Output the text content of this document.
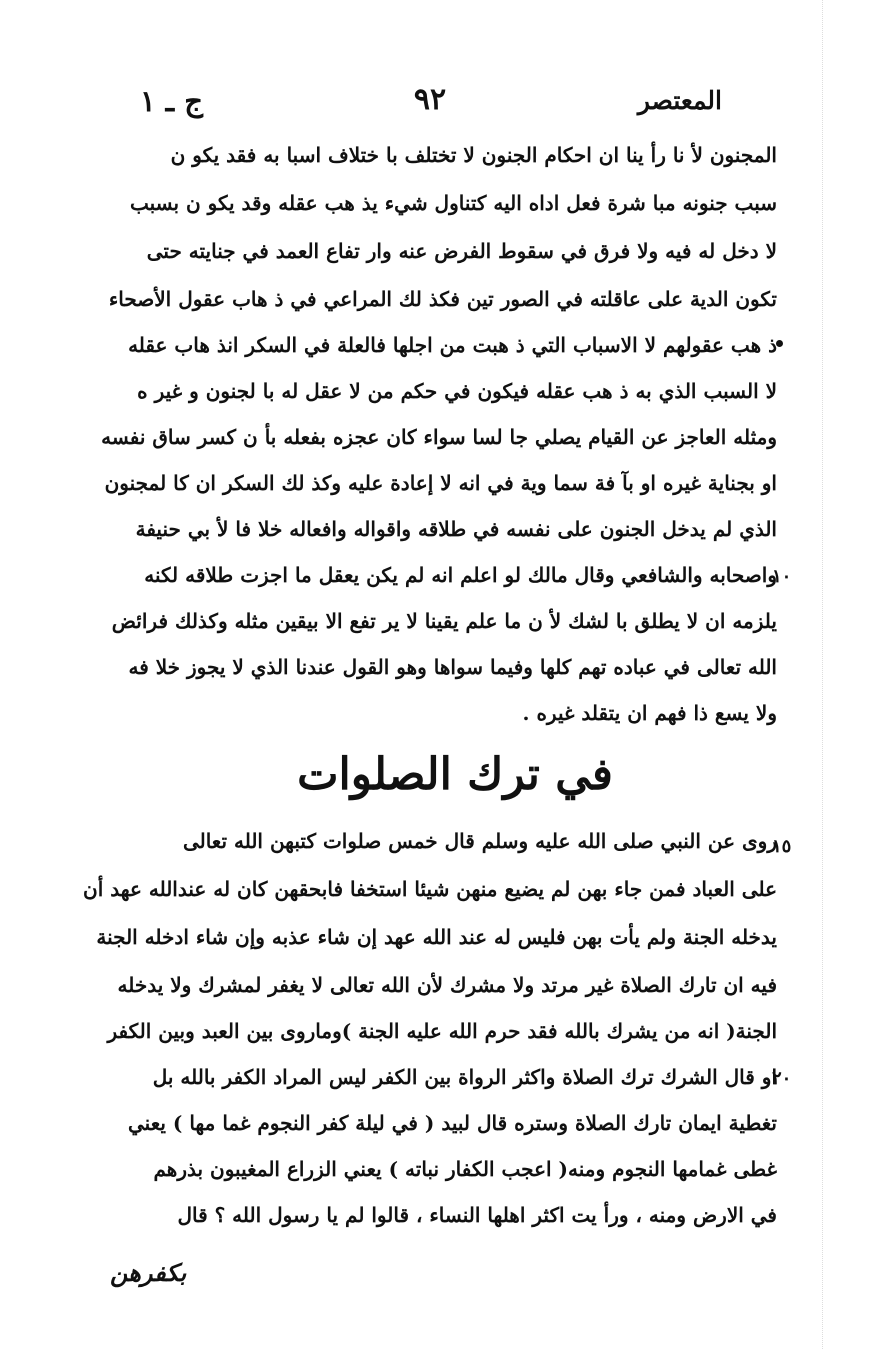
المعتصر
٩٢
ج ـ ١
المجنون لأ نا رأ ينا ان احكام الجنون لا تختلف با ختلاف اسبا به فقد يكو ن
سبب جنونه مبا شرة فعل اداه اليه كتناول شيء يذ هب عقله وقد يكو ن بسبب
لا دخل له فيه ولا فرق في سقوط الفرض عنه وار تفاع العمد في جنايته حتى
تكون الدية على عاقلته في الصور تين فكذ لك المراعي في ذ هاب عقول الأصحاء
ذ هب عقولهم لا الاسباب التي ذ هبت من اجلها فالعلة في السكر انذ هاب عقله
لا السبب الذي به ذ هب عقله فيكون في حكم من لا عقل له با لجنون و غير ه
ومثله العاجز عن القيام يصلي جا لسا سواء كان عجزه بفعله بأ ن كسر ساق نفسه
او بجناية غيره او بآ فة سما وية في انه لا إعادة عليه وكذ لك السكر ان كا لمجنون
الذي لم يدخل الجنون على نفسه في طلاقه واقواله وافعاله خلا فا لأ بي حنيفة
١٠
واصحابه والشافعي وقال مالك لو اعلم انه لم يكن يعقل ما اجزت طلاقه لكنه
يلزمه ان لا يطلق با لشك لأ ن ما علم يقينا لا ير تفع الا بيقين مثله وكذلك فرائض
الله تعالى في عباده تهم كلها وفيما سواها وهو القول عندنا الذي لا يجوز خلا فه
ولا يسع ذا فهم ان يتقلد غيره .
في ترك الصلوات
١٥
روى عن النبي صلى الله عليه وسلم قال خمس صلوات كتبهن الله تعالى
على العباد فمن جاء بهن لم يضيع منهن شيئا استخفا فابحقهن كان له عندالله عهد أن
يدخله الجنة ولم يأت بهن فليس له عند الله عهد إن شاء عذبه وإن شاء ادخله الجنة
فيه ان تارك الصلاة غير مرتد ولا مشرك لأن الله تعالى لا يغفر لمشرك ولا يدخله
الجنة( انه من يشرك بالله فقد حرم الله عليه الجنة )وماروى بين العبد وبين الكفر
٢٠
او قال الشرك ترك الصلاة واكثر الرواة بين الكفر ليس المراد الكفر بالله بل
تغطية ايمان تارك الصلاة وستره قال لبيد ( في ليلة كفر النجوم غما مها ) يعني
غطى غمامها النجوم ومنه( اعجب الكفار نباته ) يعني الزراع المغيبون بذرهم
في الارض ومنه ، ورأ يت اكثر اهلها النساء ، قالوا لم يا رسول الله ؟ قال
بكفرهن
